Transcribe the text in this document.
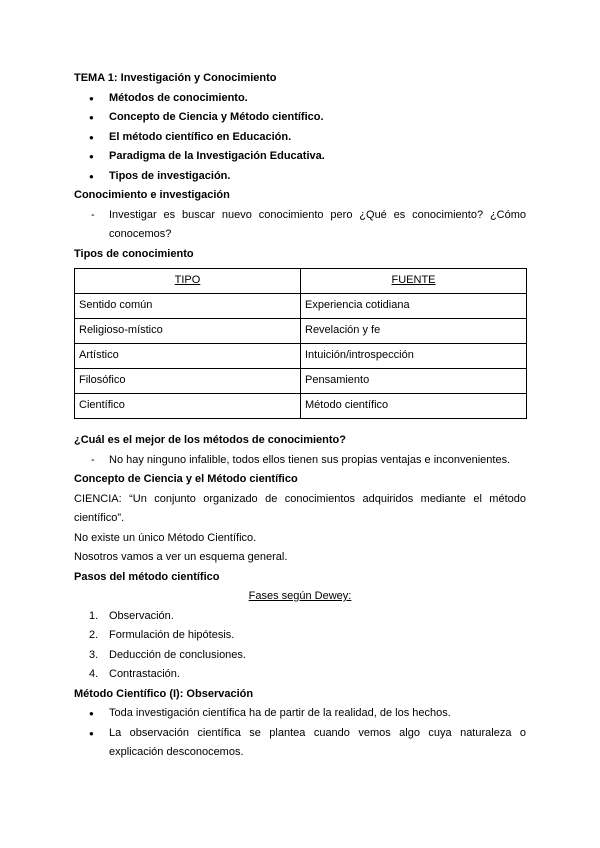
TEMA 1: Investigación y Conocimiento
● Métodos de conocimiento.
● Concepto de Ciencia y Método científico.
● El método científico en Educación.
● Paradigma de la Investigación Educativa.
● Tipos de investigación.
Conocimiento e investigación
- Investigar es buscar nuevo conocimiento pero ¿Qué es conocimiento? ¿Cómo conocemos?
Tipos de conocimiento
TIPO	FUENTE
Sentido común	Experiencia cotidiana
Religioso-místico	Revelación y fe
Artístico	Intuición/introspección
Filosófico	Pensamiento
Científico	Método científico
¿Cuál es el mejor de los métodos de conocimiento?
- No hay ninguno infalible, todos ellos tienen sus propias ventajas e inconvenientes.
Concepto de Ciencia y el Método científico
CIENCIA: “Un conjunto organizado de conocimientos adquiridos mediante el método científico”.
No existe un único Método Científico.
Nosotros vamos a ver un esquema general.
Pasos del método científico
Fases según Dewey:
1. Observación.
2. Formulación de hipótesis.
3. Deducción de conclusiones.
4. Contrastación.
Método Científico (I): Observación
● Toda investigación científica ha de partir de la realidad, de los hechos.
● La observación científica se plantea cuando vemos algo cuya naturaleza o explicación desconocemos.
